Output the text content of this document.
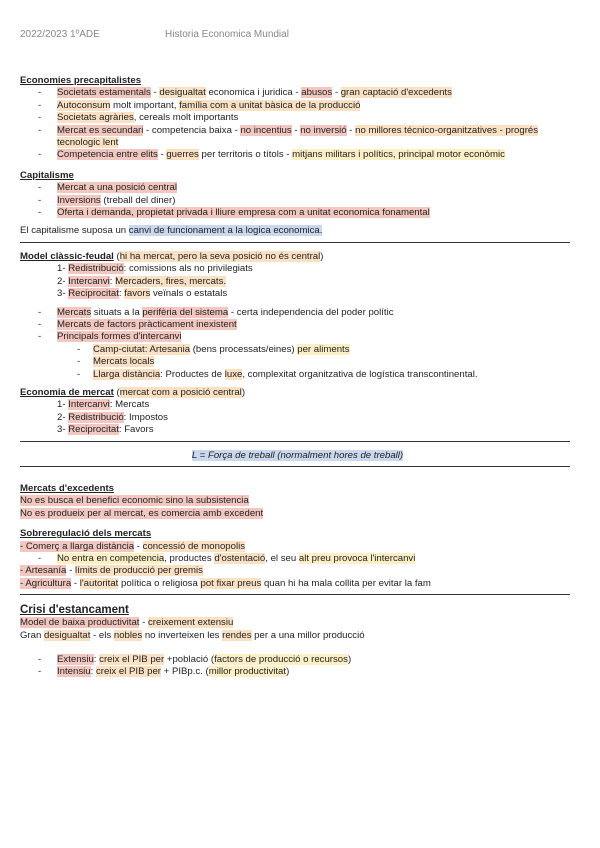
2022/2023 1ºADE	Historia Economica Mundial
Economies precapitalistes
- Societats estamentals - desigualtat economica i juridica - abusos - gran captació d'excedents
- Autoconsum molt important, família com a unitat bàsica de la producció
- Societats agràries, cereals molt importants
- Mercat es secundari - competencia baixa - no incentius - no inversió - no millores técnico-organitzatives - progrés tecnologic lent
- Competencia entre elits - guerres per territoris o títols - mitjans militars i polítics, principal motor econòmic
Capitalisme
- Mercat a una posició central
- Inversions (treball del diner)
- Oferta i demanda, propietat privada i lliure empresa com a unitat economica fonamental
El capitalisme suposa un canvi de funcionament a la logica economica.
Model clàssic-feudal (hi ha mercat, pero la seva posició no és central)
1- Redistribució: comissions als no privilegiats
2- Intercanvi: Mercaders, fires, mercats.
3- Reciprocitat: favors veïnals o estatals
- Mercats situats a la perifèria del sistema - certa independencia del poder polític
- Mercats de factors pràcticament inexistent
- Principals formes d'intercanvi
- Camp-ciutat: Artesania (bens processats/eines) per aliments
- Mercats locals
- Llarga distància: Productes de luxe, complexitat organitzativa de logística transcontinental.
Economia de mercat (mercat com a posició central)
1- Intercanvi: Mercats
2- Redistribució: Impostos
3- Reciprocitat: Favors
L = Força de treball (normalment hores de treball)
Mercats d'excedents
No es busca el benefici economic sino la subsistencia
No es produeix per al mercat, es comercia amb excedent
Sobreregulació dels mercats
- Comerç a llarga distància - concessió de monopolis
- No entra en competencia, productes d'ostentació, el seu alt preu provoca l'intercanvi
- Artesanía - límits de producció per gremis
- Agricultura - l'autoritat política o religiosa pot fixar preus quan hi ha mala collita per evitar la fam
Crisi d'estancament
Model de baixa productivitat - creixement extensiu
Gran desigualtat - els nobles no inverteixen les rendes per a una millor producció
- Extensiu: creix el PIB per +població (factors de producció o recursos)
- Intensiu: creix el PIB per + PIBp.c. (millor productivitat)
